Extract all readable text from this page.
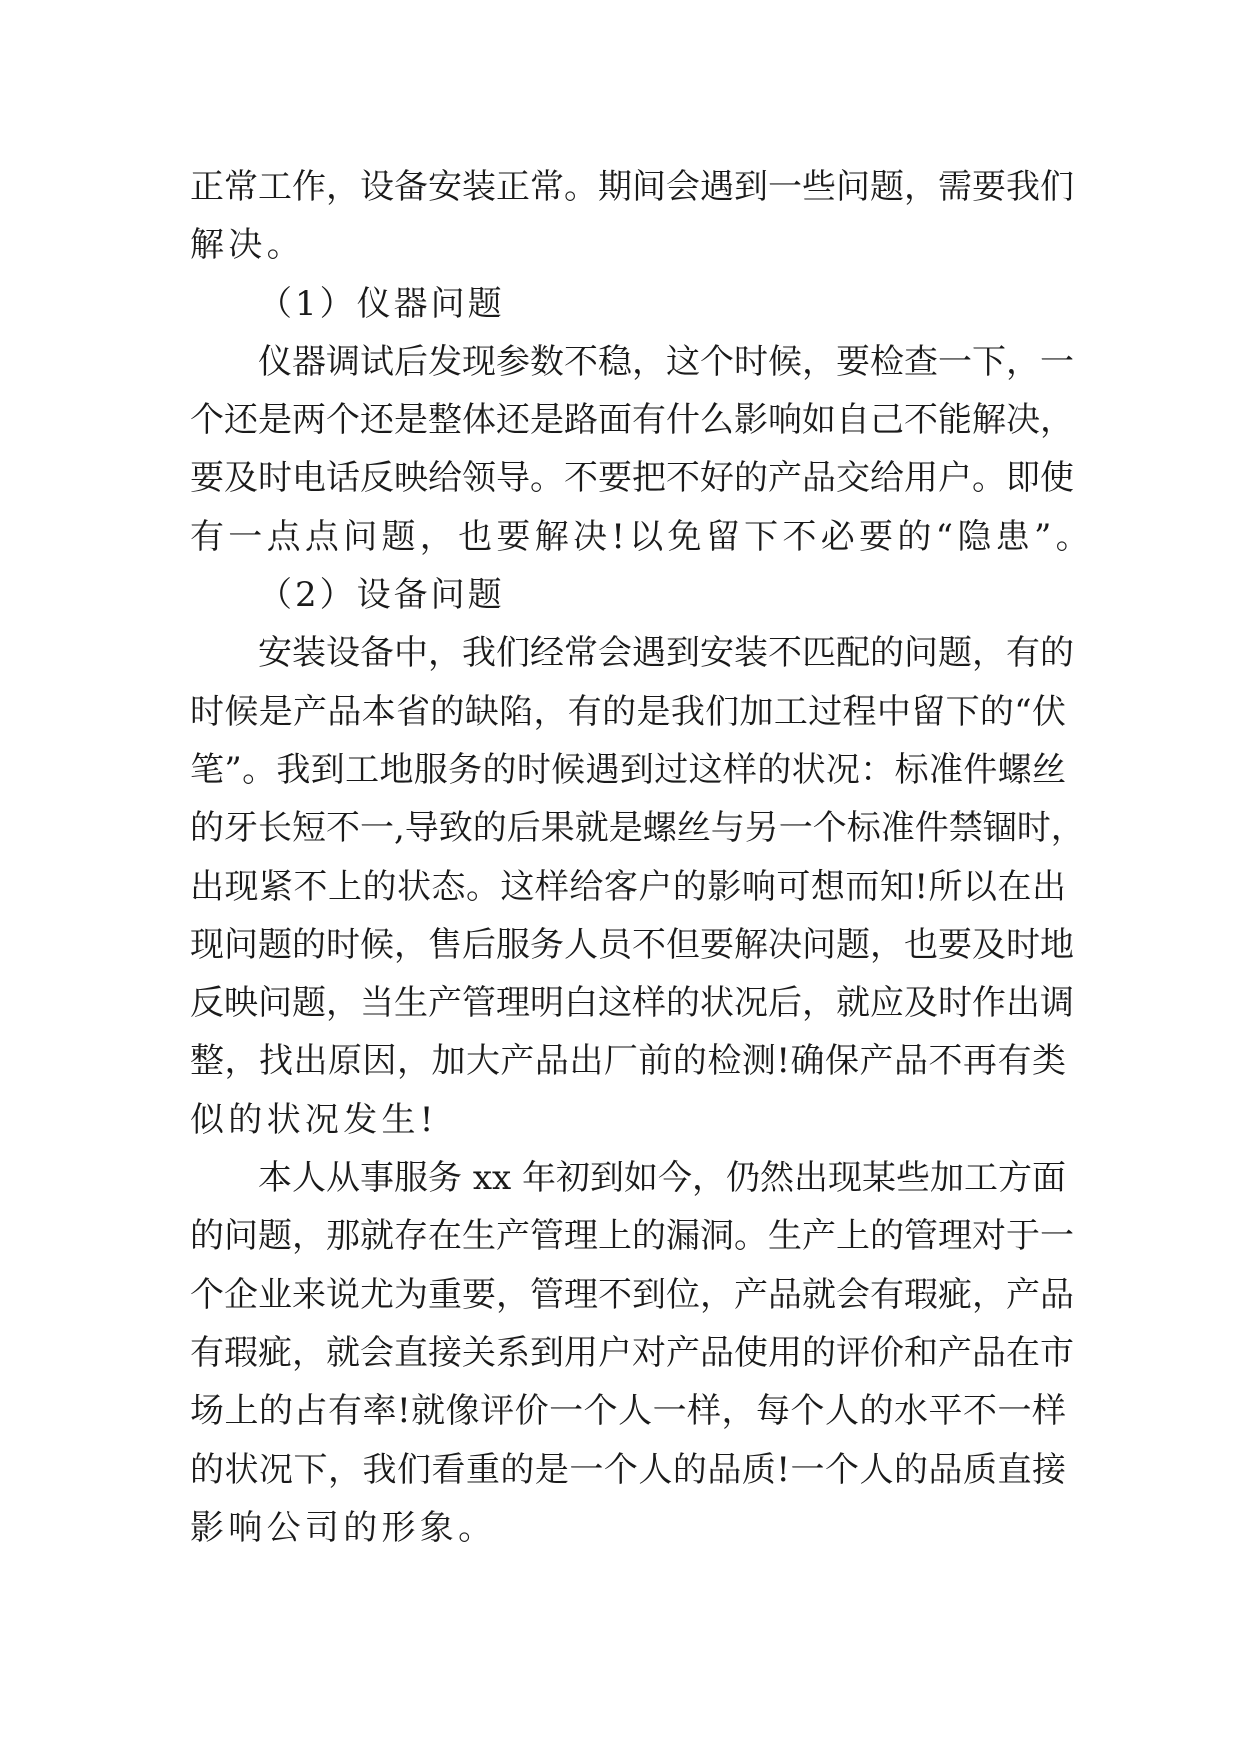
正常工作，设备安装正常。期间会遇到一些问题，需要我们
解决。
（1）仪器问题
仪器调试后发现参数不稳，这个时候，要检查一下，一
个还是两个还是整体还是路面有什么影响如自己不能解决，
要及时电话反映给领导。不要把不好的产品交给用户。即使
有一点点问题，也要解决!以免留下不必要的“隐患”。
（2）设备问题
安装设备中，我们经常会遇到安装不匹配的问题，有的
时候是产品本省的缺陷，有的是我们加工过程中留下的“伏
笔”。我到工地服务的时候遇到过这样的状况：标准件螺丝
的牙长短不一,导致的后果就是螺丝与另一个标准件禁锢时，
出现紧不上的状态。这样给客户的影响可想而知!所以在出
现问题的时候，售后服务人员不但要解决问题，也要及时地
反映问题，当生产管理明白这样的状况后，就应及时作出调
整，找出原因，加大产品出厂前的检测!确保产品不再有类
似的状况发生!
本人从事服务 xx 年初到如今，仍然出现某些加工方面
的问题，那就存在生产管理上的漏洞。生产上的管理对于一
个企业来说尤为重要，管理不到位，产品就会有瑕疵，产品
有瑕疵，就会直接关系到用户对产品使用的评价和产品在市
场上的占有率!就像评价一个人一样，每个人的水平不一样
的状况下，我们看重的是一个人的品质!一个人的品质直接
影响公司的形象。
